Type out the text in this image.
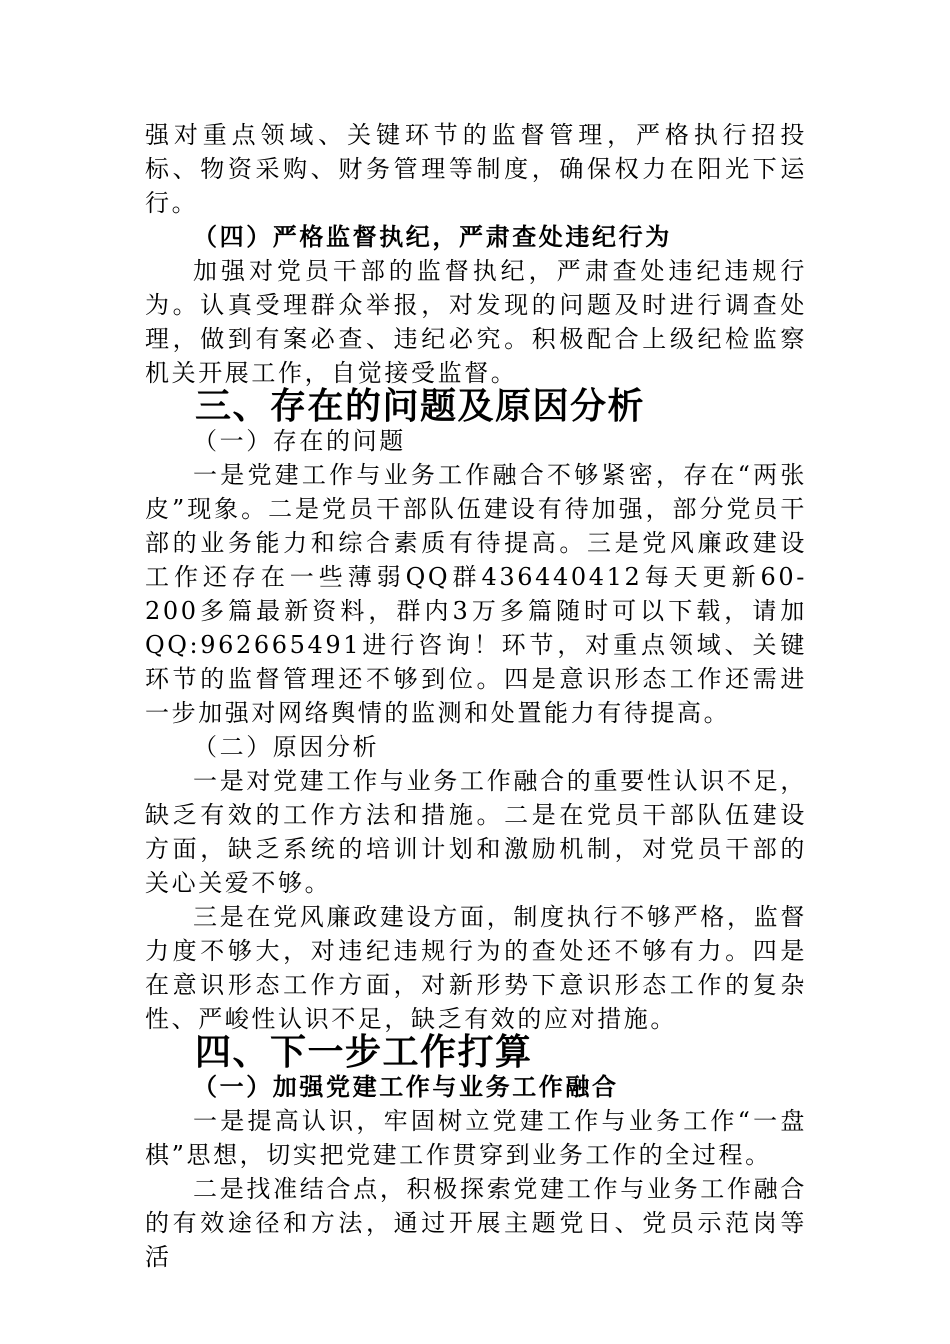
强对重点领域、关键环节的监督管理，严格执行招投标、物资采购、财务管理等制度，确保权力在阳光下运行。

（四）严格监督执纪，严肃查处违纪行为

加强对党员干部的监督执纪，严肃查处违纪违规行为。认真受理群众举报，对发现的问题及时进行调查处理，做到有案必查、违纪必究。积极配合上级纪检监察机关开展工作，自觉接受监督。

三、存在的问题及原因分析

（一）存在的问题

一是党建工作与业务工作融合不够紧密，存在“两张皮”现象。二是党员干部队伍建设有待加强，部分党员干部的业务能力和综合素质有待提高。三是党风廉政建设工作还存在一些薄弱QQ群436440412每天更新60-200多篇最新资料，群内3万多篇随时可以下载，请加QQ:962665491进行咨询！环节，对重点领域、关键环节的监督管理还不够到位。四是意识形态工作还需进一步加强对网络舆情的监测和处置能力有待提高。

（二）原因分析

一是对党建工作与业务工作融合的重要性认识不足，缺乏有效的工作方法和措施。二是在党员干部队伍建设方面，缺乏系统的培训计划和激励机制，对党员干部的关心关爱不够。

三是在党风廉政建设方面，制度执行不够严格，监督力度不够大，对违纪违规行为的查处还不够有力。四是在意识形态工作方面，对新形势下意识形态工作的复杂性、严峻性认识不足，缺乏有效的应对措施。

四、下一步工作打算

（一）加强党建工作与业务工作融合

一是提高认识，牢固树立党建工作与业务工作“一盘棋”思想，切实把党建工作贯穿到业务工作的全过程。

二是找准结合点，积极探索党建工作与业务工作融合的有效途径和方法，通过开展主题党日、党员示范岗等活
